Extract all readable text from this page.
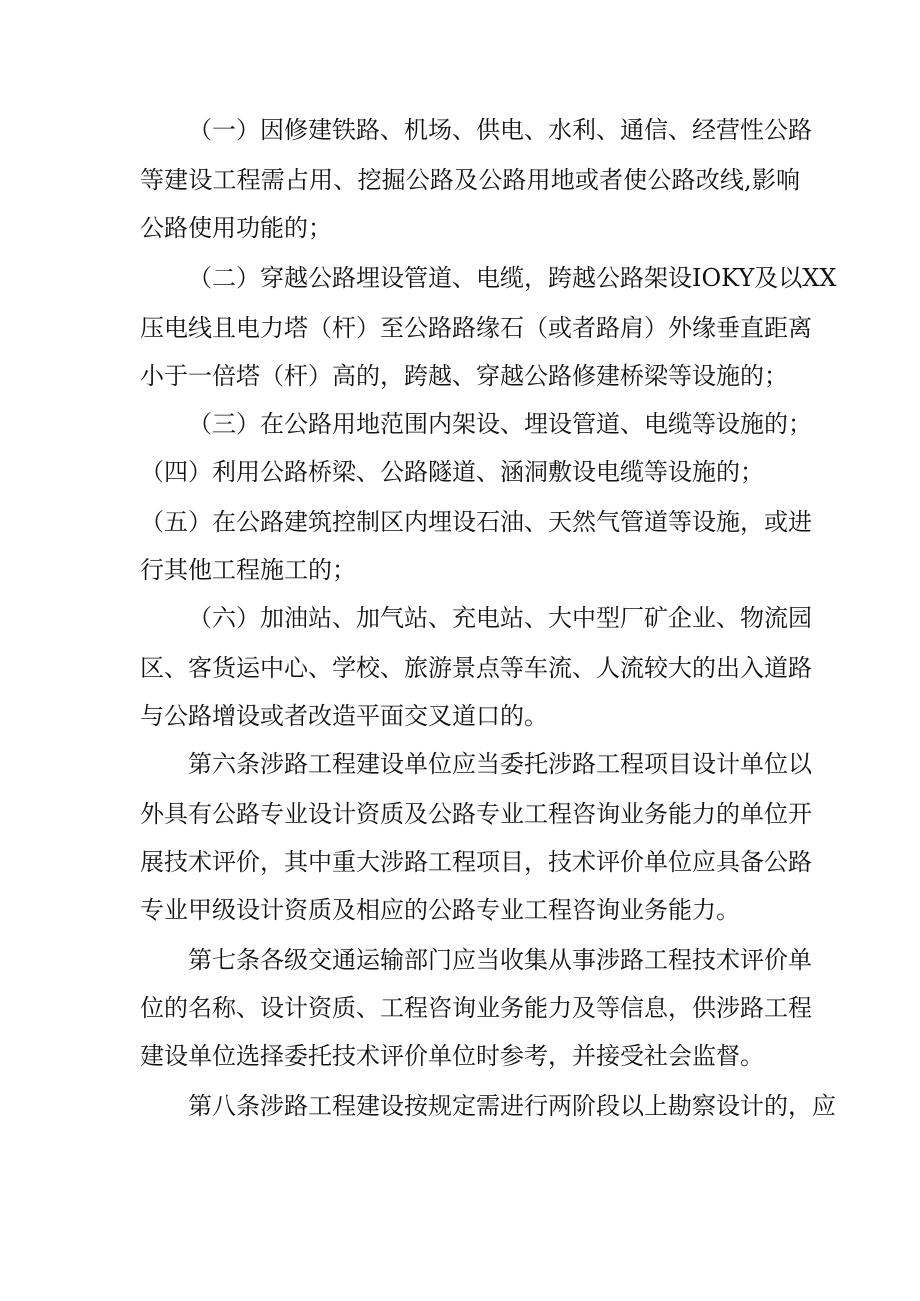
（一）因修建铁路、机场、供电、水利、通信、经营性公路

等建设工程需占用、挖掘公路及公路用地或者使公路改线,影响

公路使用功能的；

（二）穿越公路埋设管道、电缆，跨越公路架设IOKY及以XX

压电线且电力塔（杆）至公路路缘石（或者路肩）外缘垂直距离

小于一倍塔（杆）高的，跨越、穿越公路修建桥梁等设施的；

（三）在公路用地范围内架设、埋设管道、电缆等设施的；

（四）利用公路桥梁、公路隧道、涵洞敷设电缆等设施的；

（五）在公路建筑控制区内埋设石油、天然气管道等设施，或进

行其他工程施工的；

（六）加油站、加气站、充电站、大中型厂矿企业、物流园

区、客货运中心、学校、旅游景点等车流、人流较大的出入道路

与公路增设或者改造平面交叉道口的。

第六条涉路工程建设单位应当委托涉路工程项目设计单位以

外具有公路专业设计资质及公路专业工程咨询业务能力的单位开

展技术评价，其中重大涉路工程项目，技术评价单位应具备公路

专业甲级设计资质及相应的公路专业工程咨询业务能力。

第七条各级交通运输部门应当收集从事涉路工程技术评价单

位的名称、设计资质、工程咨询业务能力及等信息，供涉路工程

建设单位选择委托技术评价单位时参考，并接受社会监督。

第八条涉路工程建设按规定需进行两阶段以上勘察设计的，应
